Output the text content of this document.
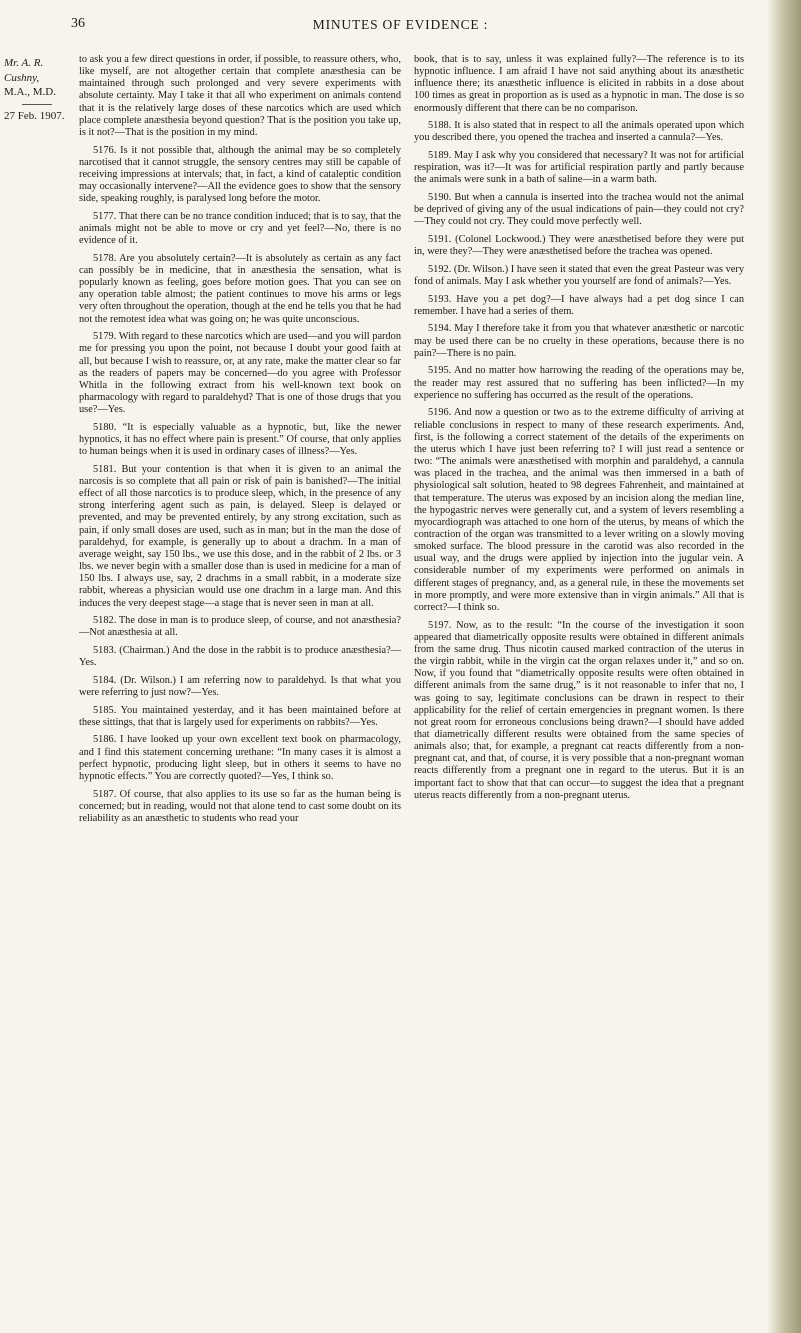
36	MINUTES OF EVIDENCE :
Mr. A. R.
Cushny,
M.A., M.D.
27 Feb. 1907.

to ask you a few direct questions in order, if possible, to reassure others, who, like myself, are not altogether certain that complete anæsthesia can be maintained through such prolonged and very severe experiments with absolute certainty. May I take it that all who experiment on animals contend that it is the relatively large doses of these narcotics which are used which place complete anæsthesia beyond question? That is the position you take up, is it not?—That is the position in my mind.

5176. Is it not possible that, although the animal may be so completely narcotised that it cannot struggle, the sensory centres may still be capable of receiving impressions at intervals; that, in fact, a kind of cataleptic condition may occasionally intervene?—All the evidence goes to show that the sensory side, speaking roughly, is paralysed long before the motor.

5177. That there can be no trance condition induced; that is to say, that the animals might not be able to move or cry and yet feel?—No, there is no evidence of it.

5178. Are you absolutely certain?—It is absolutely as certain as any fact can possibly be in medicine, that in anæsthesia the sensation, what is popularly known as feeling, goes before motion goes. That you can see on any operation table almost; the patient continues to move his arms or legs very often throughout the operation, though at the end he tells you that he had not the remotest idea what was going on; he was quite unconscious.

5179. With regard to these narcotics which are used—and you will pardon me for pressing you upon the point, not because I doubt your good faith at all, but because I wish to reassure, or, at any rate, make the matter clear so far as the readers of papers may be concerned—do you agree with Professor Whitla in the following extract from his well-known text book on pharmacology with regard to paraldehyd? That is one of those drugs that you use?—Yes.

5180. “It is especially valuable as a hypnotic, but, like the newer hypnotics, it has no effect where pain is present.” Of course, that only applies to human beings when it is used in ordinary cases of illness?—Yes.

5181. But your contention is that when it is given to an animal the narcosis is so complete that all pain or risk of pain is banished?—The initial effect of all those narcotics is to produce sleep, which, in the presence of any strong interfering agent such as pain, is delayed. Sleep is delayed or prevented, and may be prevented entirely, by any strong excitation, such as pain, if only small doses are used, such as in man; but in the man the dose of paraldehyd, for example, is generally up to about a drachm. In a man of average weight, say 150 lbs., we use this dose, and in the rabbit of 2 lbs. or 3 lbs. we never begin with a smaller dose than is used in medicine for a man of 150 lbs. I always use, say, 2 drachms in a small rabbit, in a moderate size rabbit, whereas a physician would use one drachm in a large man. And this induces the very deepest stage—a stage that is never seen in man at all.

5182. The dose in man is to produce sleep, of course, and not anæsthesia?—Not anæsthesia at all.

5183. (Chairman.) And the dose in the rabbit is to produce anæsthesia?—Yes.

5184. (Dr. Wilson.) I am referring now to paraldehyd. Is that what you were referring to just now?—Yes.

5185. You maintained yesterday, and it has been maintained before at these sittings, that that is largely used for experiments on rabbits?—Yes.

5186. I have looked up your own excellent text book on pharmacology, and I find this statement concerning urethane: “In many cases it is almost a perfect hypnotic, producing light sleep, but in others it seems to have no hypnotic effects.” You are correctly quoted?—Yes, I think so.

5187. Of course, that also applies to its use so far as the human being is concerned; but in reading, would not that alone tend to cast some doubt on its reliability as an anæsthetic to students who read your

book, that is to say, unless it was explained fully?—The reference is to its hypnotic influence. I am afraid I have not said anything about its anæsthetic influence there; its anæsthetic influence is elicited in rabbits in a dose about 100 times as great in proportion as is used as a hypnotic in man. The dose is so enormously different that there can be no comparison.

5188. It is also stated that in respect to all the animals operated upon which you described there, you opened the trachea and inserted a cannula?—Yes.

5189. May I ask why you considered that necessary? It was not for artificial respiration, was it?—It was for artificial respiration partly and partly because the animals were sunk in a bath of saline—in a warm bath.

5190. But when a cannula is inserted into the trachea would not the animal be deprived of giving any of the usual indications of pain—they could not cry?—They could not cry. They could move perfectly well.

5191. (Colonel Lockwood.) They were anæsthetised before they were put in, were they?—They were anæsthetised before the trachea was opened.

5192. (Dr. Wilson.) I have seen it stated that even the great Pasteur was very fond of animals. May I ask whether you yourself are fond of animals?—Yes.

5193. Have you a pet dog?—I have always had a pet dog since I can remember. I have had a series of them.

5194. May I therefore take it from you that whatever anæsthetic or narcotic may be used there can be no cruelty in these operations, because there is no pain?—There is no pain.

5195. And no matter how harrowing the reading of the operations may be, the reader may rest assured that no suffering has been inflicted?—In my experience no suffering has occurred as the result of the operations.

5196. And now a question or two as to the extreme difficulty of arriving at reliable conclusions in respect to many of these research experiments. And, first, is the following a correct statement of the details of the experiments on the uterus which I have just been referring to? I will just read a sentence or two: “The animals were anæsthetised with morphin and paraldehyd, a cannula was placed in the trachea, and the animal was then immersed in a bath of physiological salt solution, heated to 98 degrees Fahrenheit, and maintained at that temperature. The uterus was exposed by an incision along the median line, the hypogastric nerves were generally cut, and a system of levers resembling a myocardiograph was attached to one horn of the uterus, by means of which the contraction of the organ was transmitted to a lever writing on a slowly moving smoked surface. The blood pressure in the carotid was also recorded in the usual way, and the drugs were applied by injection into the jugular vein. A considerable number of my experiments were performed on animals in different stages of pregnancy, and, as a general rule, in these the movements set in more promptly, and were more extensive than in virgin animals.” All that is correct?—I think so.

5197. Now, as to the result: “In the course of the investigation it soon appeared that diametrically opposite results were obtained in different animals from the same drug. Thus nicotin caused marked contraction of the uterus in the virgin rabbit, while in the virgin cat the organ relaxes under it,” and so on. Now, if you found that “diametrically opposite results were often obtained in different animals from the same drug,” is it not reasonable to infer that no, I was going to say, legitimate conclusions can be drawn in respect to their applicability for the relief of certain emergencies in pregnant women. Is there not great room for erroneous conclusions being drawn?—I should have added that diametrically different results were obtained from the same species of animals also; that, for example, a pregnant cat reacts differently from a non-pregnant cat, and that, of course, it is very possible that a non-pregnant woman reacts differently from a pregnant one in regard to the uterus. But it is an important fact to show that that can occur—to suggest the idea that a pregnant uterus reacts differently from a non-pregnant uterus.
